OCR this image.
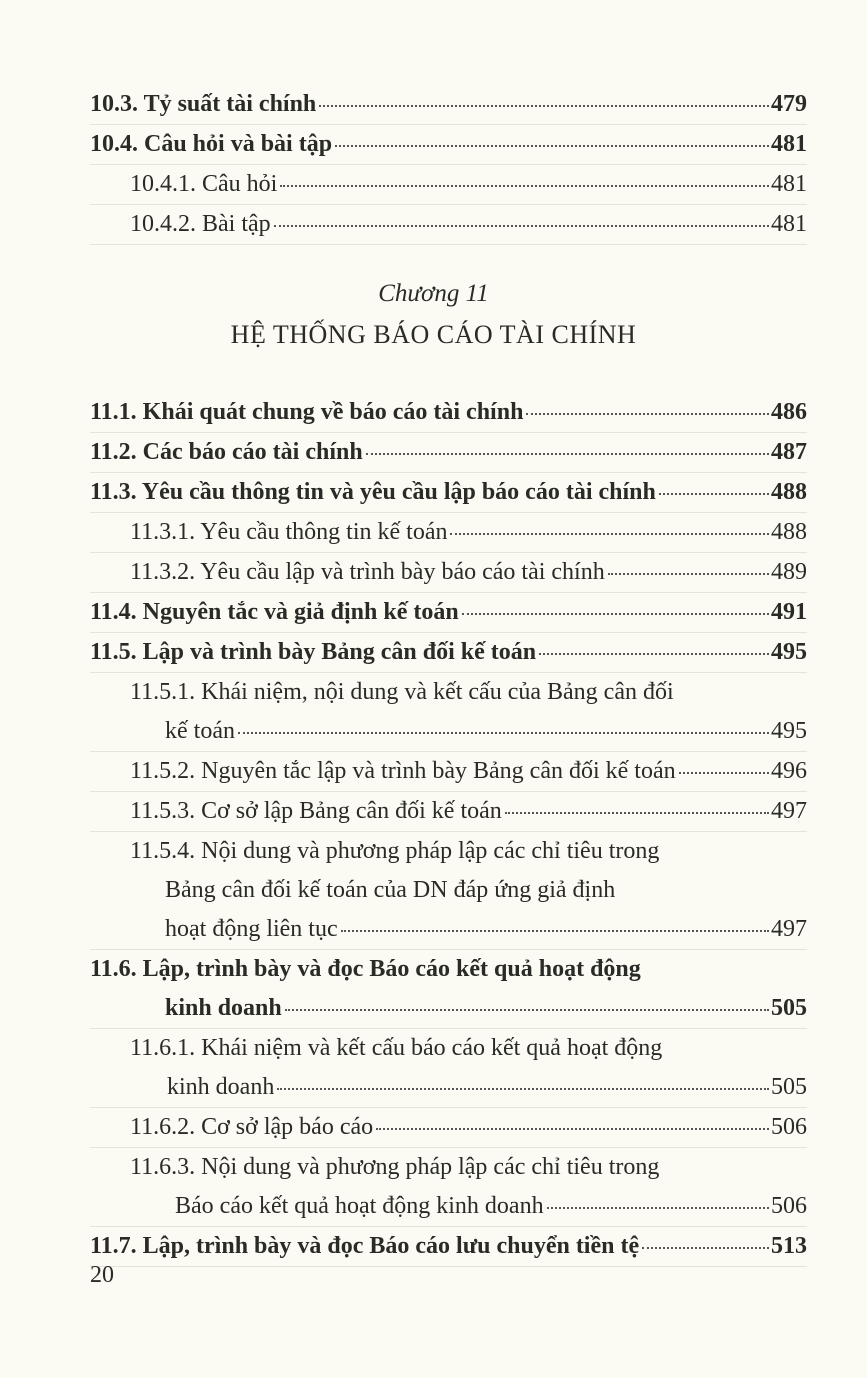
10.3. Tỷ suất tài chính	479
10.4. Câu hỏi và bài tập	481
10.4.1. Câu hỏi	481
10.4.2. Bài tập	481
Chương 11
HỆ THỐNG BÁO CÁO TÀI CHÍNH
11.1. Khái quát chung về báo cáo tài chính	486
11.2. Các báo cáo tài chính	487
11.3. Yêu cầu thông tin và yêu cầu lập báo cáo tài chính	488
11.3.1. Yêu cầu thông tin kế toán	488
11.3.2. Yêu cầu lập và trình bày báo cáo tài chính	489
11.4. Nguyên tắc và giả định kế toán	491
11.5. Lập và trình bày Bảng cân đối kế toán	495
11.5.1. Khái niệm, nội dung và kết cấu của Bảng cân đối
kế toán	495
11.5.2. Nguyên tắc lập và trình bày Bảng cân đối kế toán	496
11.5.3. Cơ sở lập Bảng cân đối kế toán	497
11.5.4. Nội dung và phương pháp lập các chỉ tiêu trong
Bảng cân đối kế toán của DN đáp ứng giả định
hoạt động liên tục	497
11.6. Lập, trình bày và đọc Báo cáo kết quả hoạt động
kinh doanh	505
11.6.1. Khái niệm và kết cấu báo cáo kết quả hoạt động
kinh doanh	505
11.6.2. Cơ sở lập báo cáo	506
11.6.3. Nội dung và phương pháp lập các chỉ tiêu trong
Báo cáo kết quả hoạt động kinh doanh	506
11.7. Lập, trình bày và đọc Báo cáo lưu chuyển tiền tệ	513
20
